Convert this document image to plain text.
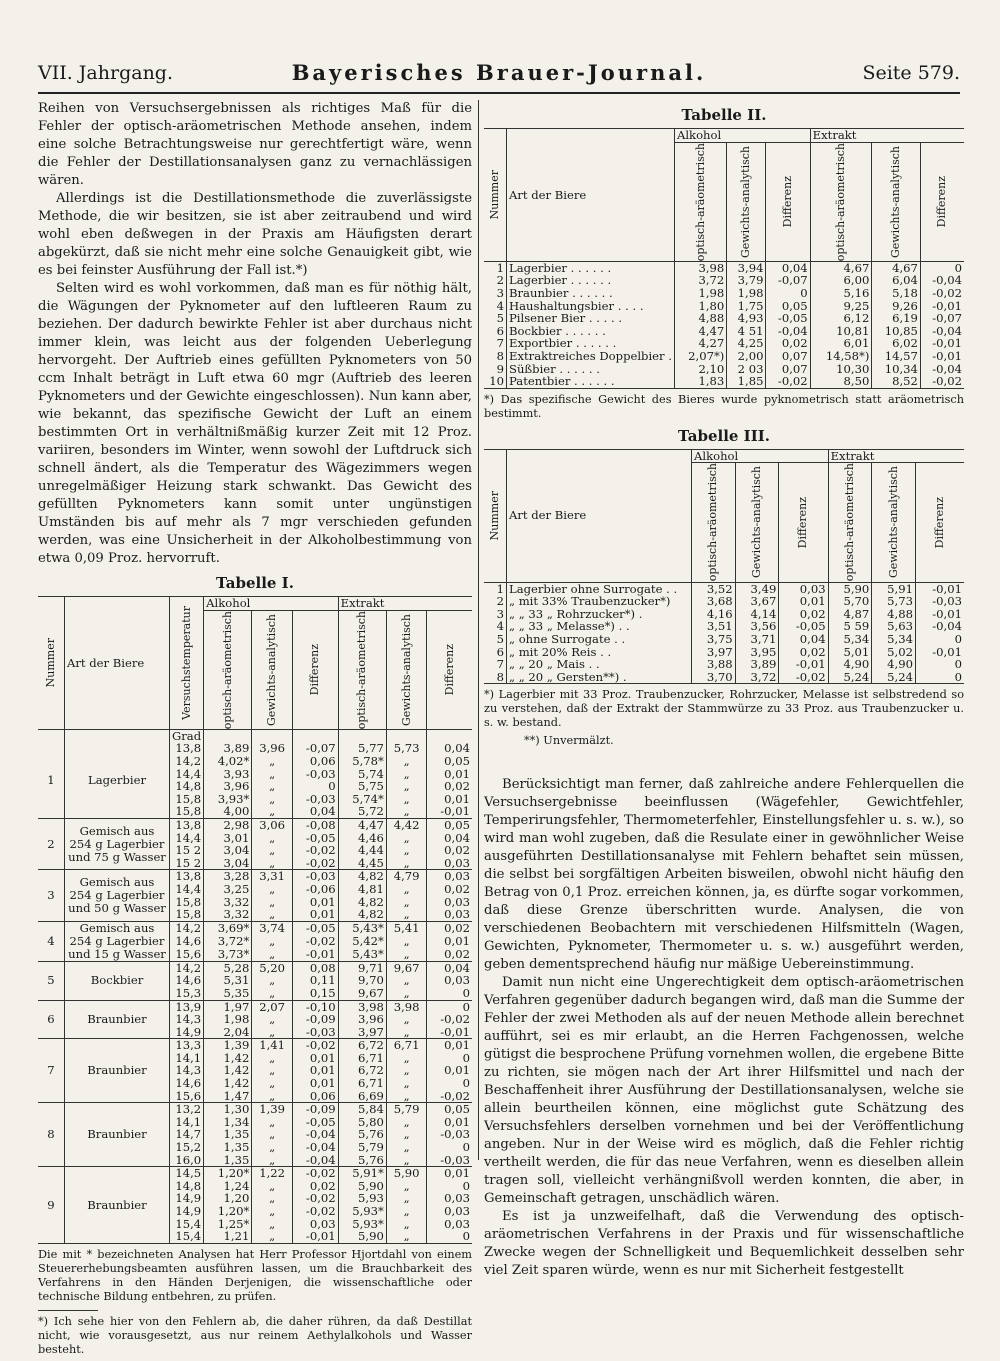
VII. Jahrgang.	Bayerisches Brauer-Journal.	Seite 579.

Reihen von Versuchsergebnissen als richtiges Maß für die Fehler der optisch-aräometrischen Methode ansehen, indem eine solche Betrachtungsweise nur gerechtfertigt wäre, wenn die Fehler der Destillationsanalysen ganz zu vernachlässigen wären.

Allerdings ist die Destillationsmethode die zuverlässigste Methode, die wir besitzen, sie ist aber zeitraubend und wird wohl eben deßwegen in der Praxis am Häufigsten derart abgekürzt, daß sie nicht mehr eine solche Genauigkeit gibt, wie es bei feinster Ausführung der Fall ist.*)

Selten wird es wohl vorkommen, daß man es für nöthig hält, die Wägungen der Pyknometer auf den luftleeren Raum zu beziehen. Der dadurch bewirkte Fehler ist aber durchaus nicht immer klein, was leicht aus der folgenden Ueberlegung hervorgeht. Der Auftrieb eines gefüllten Pyknometers von 50 ccm Inhalt beträgt in Luft etwa 60 mgr (Auftrieb des leeren Pyknometers und der Gewichte eingeschlossen). Nun kann aber, wie bekannt, das spezifische Gewicht der Luft an einem bestimmten Ort in verhältnißmäßig kurzer Zeit mit 12 Proz. variiren, besonders im Winter, wenn sowohl der Luftdruck sich schnell ändert, als die Temperatur des Wägezimmers wegen unregelmäßiger Heizung stark schwankt. Das Gewicht des gefüllten Pyknometers kann somit unter ungünstigen Umständen bis auf mehr als 7 mgr verschieden gefunden werden, was eine Unsicherheit in der Alkoholbestimmung von etwa 0,09 Proz. hervorruft.

Tabelle I.
Nummer	Art der Biere	Versuchstemperatur	Alkohol			Extrakt		

			optisch-aräometrisch	Gewichts-analytisch	Differenz	optisch-aräometrisch	Gewichts-analytisch	Differenz

		Grad						
1	Lagerbier	13,8	3,89	3,96	-0,07	5,77	5,73	0,04
		14,2	4,02*	„	0,06	5,78*	„	0,05
		14,4	3,93	„	-0,03	5,74	„	0,01
		14,8	3,96	„	0	5,75	„	0,02
		15,8	3,93*	„	-0,03	5,74*	„	0,01
		15,8	4,00	„	0,04	5,72	„	-0,01
2	Gemisch aus 254 g Lagerbier und 75 g Wasser	13,8	2,98	3,06	-0,08	4,47	4,42	0,05
		14,4	3,01	„	-0,05	4,46	„	0,04
		15 2	3,04	„	-0,02	4,44	„	0,02
		15 2	3,04	„	-0,02	4,45	„	0,03
3	Gemisch aus 254 g Lagerbier und 50 g Wasser	13,8	3,28	3,31	-0,03	4,82	4,79	0,03
		14,4	3,25	„	-0,06	4,81	„	0,02
		15,8	3,32	„	0,01	4,82	„	0,03
		15,8	3,32	„	0,01	4,82	„	0,03
4	Gemisch aus 254 g Lagerbier und 15 g Wasser	14,2	3,69*	3,74	-0,05	5,43*	5,41	0,02
		14,6	3,72*	„	-0,02	5,42*	„	0,01
		15,6	3,73*	„	-0,01	5,43*	„	0,02
5	Bockbier	14,2	5,28	5,20	0,08	9,71	9,67	0,04
		14,6	5,31	„	0,11	9,70	„	0,03
		15,3	5,35	„	0,15	9,67	„	0
6	Braunbier	13,9	1,97	2,07	-0,10	3,98	3,98	0
		14,3	1,98	„	-0,09	3,96	„	-0,02
		14,9	2,04	„	-0,03	3,97	„	-0,01
7	Braunbier	13,3	1,39	1,41	-0,02	6,72	6,71	0,01
		14,1	1,42	„	0,01	6,71	„	0
		14,3	1,42	„	0,01	6,72	„	0,01
		14,6	1,42	„	0,01	6,71	„	0
		15,6	1,47	„	0,06	6,69	„	-0,02
8	Braunbier	13,2	1,30	1,39	-0,09	5,84	5,79	0,05
		14,1	1,34	„	-0,05	5,80	„	0,01
		14,7	1,35	„	-0,04	5,76	„	-0,03
		15,2	1,35	„	-0,04	5,79	„	0
		16,0	1,35	„	-0,04	5,76	„	-0,03
9	Braunbier	14,5	1,20*	1,22	-0,02	5,91*	5,90	0,01
		14,8	1,24	„	0,02	5,90	„	0
		14,9	1,20	„	-0,02	5,93	„	0,03
		14,9	1,20*	„	-0,02	5,93*	„	0,03
		15,4	1,25*	„	0,03	5,93*	„	0,03
		15,4	1,21	„	-0,01	5,90	„	0
Die mit * bezeichneten Analysen hat Herr Professor Hjortdahl von einem Steuererhebungsbeamten ausführen lassen, um die Brauchbarkeit des Verfahrens in den Händen Derjenigen, die wissenschaftliche oder technische Bildung entbehren, zu prüfen.
*) Ich sehe hier von den Fehlern ab, die daher rühren, da daß Destillat nicht, wie vorausgesetzt, aus nur reinem Aethylalkohols und Wasser besteht.
Tabelle II.
Nummer	Art der Biere	Alkohol			Extrakt		

		optisch-aräometrisch	Gewichts-analytisch	Differenz	optisch-aräometrisch	Gewichts-analytisch	Differenz

1	Lagerbier . . . . . .	3,98	3,94	0,04	4,67	4,67	0
2	Lagerbier . . . . . .	3,72	3,79	-0,07	6,00	6,04	-0,04
3	Braunbier . . . . . .	1,98	1,98	0	5,16	5,18	-0,02
4	Haushaltungsbier . . . .	1,80	1,75	0,05	9,25	9,26	-0,01
5	Pilsener Bier . . . . .	4,88	4,93	-0,05	6,12	6,19	-0,07
6	Bockbier . . . . . .	4,47	4 51	-0,04	10,81	10,85	-0,04
7	Exportbier . . . . . .	4,27	4,25	0,02	6,01	6,02	-0,01
8	Extraktreiches Doppelbier .	2,07*)	2,00	0,07	14,58*)	14,57	-0,01
9	Süßbier . . . . . .	2,10	2 03	0,07	10,30	10,34	-0,04
10	Patentbier . . . . . .	1,83	1,85	-0,02	8,50	8,52	-0,02
*) Das spezifische Gewicht des Bieres wurde pyknometrisch statt aräometrisch bestimmt.
Tabelle III.
Nummer	Art der Biere	Alkohol			Extrakt		

		optisch-aräometrisch	Gewichts-analytisch	Differenz	optisch-aräometrisch	Gewichts-analytisch	Differenz

1	Lagerbier ohne Surrogate . .	3,52	3,49	0,03	5,90	5,91	-0,01
2	„ mit 33% Traubenzucker*)	3,68	3,67	0,01	5,70	5,73	-0,03
3	„ „ 33 „ Rohrzucker*) .	4,16	4,14	0,02	4,87	4,88	-0,01
4	„ „ 33 „ Melasse*) . .	3,51	3,56	-0,05	5 59	5,63	-0,04
5	„ ohne Surrogate . .	3,75	3,71	0,04	5,34	5,34	0
6	„ mit 20% Reis . .	3,97	3,95	0,02	5,01	5,02	-0,01
7	„ „ 20 „ Mais . .	3,88	3,89	-0,01	4,90	4,90	0
8	„ „ 20 „ Gersten**) .	3,70	3,72	-0,02	5,24	5,24	0
*) Lagerbier mit 33 Proz. Traubenzucker, Rohrzucker, Melasse ist selbstredend so zu verstehen, daß der Extrakt der Stammwürze zu 33 Proz. aus Traubenzucker u. s. w. bestand.
**) Unvermälzt.

Berücksichtigt man ferner, daß zahlreiche andere Fehlerquellen die Versuchsergebnisse beeinflussen (Wägefehler, Gewichtfehler, Temperirungsfehler, Thermometerfehler, Einstellungsfehler u. s. w.), so wird man wohl zugeben, daß die Resulate einer in gewöhnlicher Weise ausgeführten Destillationsanalyse mit Fehlern behaftet sein müssen, die selbst bei sorgfältigen Arbeiten bisweilen, obwohl nicht häufig den Betrag von 0,1 Proz. erreichen können, ja, es dürfte sogar vorkommen, daß diese Grenze überschritten wurde. Analysen, die von verschiedenen Beobachtern mit verschiedenen Hilfsmitteln (Wagen, Gewichten, Pyknometer, Thermometer u. s. w.) ausgeführt werden, geben dementsprechend häufig nur mäßige Uebereinstimmung.

Damit nun nicht eine Ungerechtigkeit dem optisch-aräometrischen Verfahren gegenüber dadurch begangen wird, daß man die Summe der Fehler der zwei Methoden als auf der neuen Methode allein berechnet aufführt, sei es mir erlaubt, an die Herren Fachgenossen, welche gütigst die besprochene Prüfung vornehmen wollen, die ergebene Bitte zu richten, sie mögen nach der Art ihrer Hilfsmittel und nach der Beschaffenheit ihrer Ausführung der Destillationsanalysen, welche sie allein beurtheilen können, eine möglichst gute Schätzung des Versuchsfehlers derselben vornehmen und bei der Veröffentlichung angeben. Nur in der Weise wird es möglich, daß die Fehler richtig vertheilt werden, die für das neue Verfahren, wenn es dieselben allein tragen soll, vielleicht verhängnißvoll werden konnten, die aber, in Gemeinschaft getragen, unschädlich wären.

Es ist ja unzweifelhaft, daß die Verwendung des optisch-aräometrischen Verfahrens in der Praxis und für wissenschaftliche Zwecke wegen der Schnelligkeit und Bequemlichkeit desselben sehr viel Zeit sparen würde, wenn es nur mit Sicherheit festgestellt
